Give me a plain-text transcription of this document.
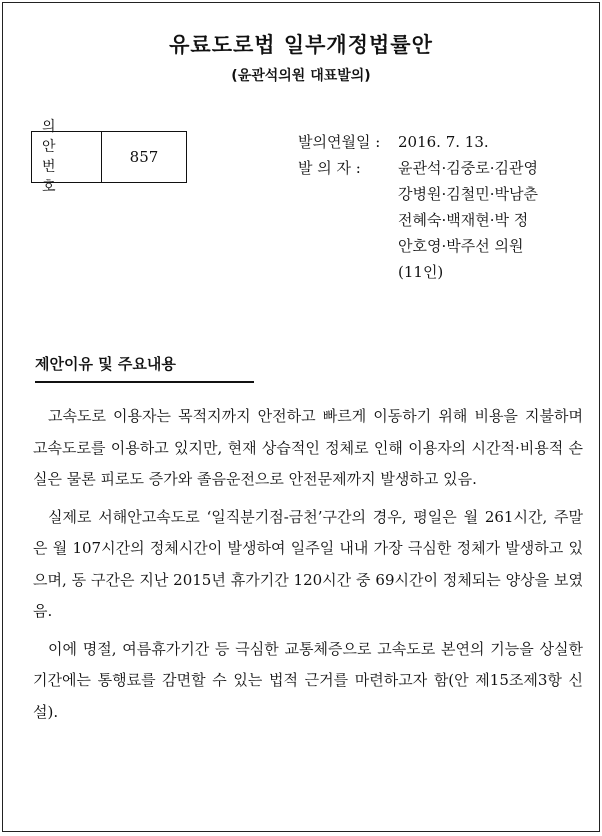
유료도로법 일부개정법률안
(윤관석의원 대표발의)
의 안
번 호
857
발의연월일 :	2016. 7. 13.
발 의 자 :	윤관석·김중로·김관영
강병원·김철민·박남춘
전혜숙·백재현·박 정
안호영·박주선 의원
(11인)
제안이유 및 주요내용

고속도로 이용자는 목적지까지 안전하고 빠르게 이동하기 위해 비용을 지불하며 고속도로를 이용하고 있지만, 현재 상습적인 정체로 인해 이용자의 시간적·비용적 손실은 물론 피로도 증가와 졸음운전으로 안전문제까지 발생하고 있음.

실제로 서해안고속도로 ‘일직분기점-금천’구간의 경우, 평일은 월 261시간, 주말은 월 107시간의 정체시간이 발생하여 일주일 내내 가장 극심한 정체가 발생하고 있으며, 동 구간은 지난 2015년 휴가기간 120시간 중 69시간이 정체되는 양상을 보였음.

이에 명절, 여름휴가기간 등 극심한 교통체증으로 고속도로 본연의 기능을 상실한 기간에는 통행료를 감면할 수 있는 법적 근거를 마련하고자 함(안 제15조제3항 신설).
